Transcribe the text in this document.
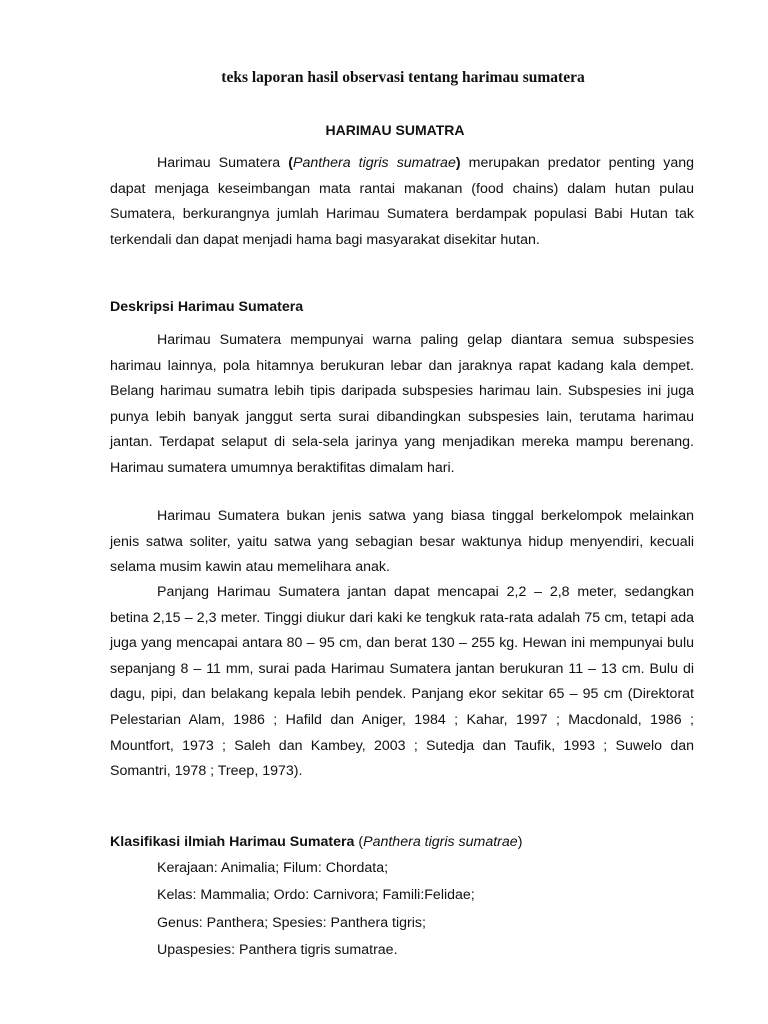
teks laporan hasil observasi tentang harimau sumatera
HARIMAU SUMATRA

Harimau Sumatera (Panthera tigris sumatrae) merupakan predator penting yang dapat menjaga keseimbangan mata rantai makanan (food chains) dalam hutan pulau Sumatera, berkurangnya jumlah Harimau Sumatera berdampak populasi Babi Hutan tak terkendali dan dapat menjadi hama bagi masyarakat disekitar hutan.

Deskripsi Harimau Sumatera

Harimau Sumatera mempunyai warna paling gelap diantara semua subspesies harimau lainnya, pola hitamnya berukuran lebar dan jaraknya rapat kadang kala dempet. Belang harimau sumatra lebih tipis daripada subspesies harimau lain. Subspesies ini juga punya lebih banyak janggut serta surai dibandingkan subspesies lain, terutama harimau jantan. Terdapat selaput di sela-sela jarinya yang menjadikan mereka mampu berenang. Harimau sumatera umumnya beraktifitas dimalam hari.

Harimau Sumatera bukan jenis satwa yang biasa tinggal berkelompok melainkan jenis satwa soliter, yaitu satwa yang sebagian besar waktunya hidup menyendiri, kecuali selama musim kawin atau memelihara anak.

Panjang Harimau Sumatera jantan dapat mencapai 2,2 – 2,8 meter, sedangkan betina 2,15 – 2,3 meter. Tinggi diukur dari kaki ke tengkuk rata-rata adalah 75 cm, tetapi ada juga yang mencapai antara 80 – 95 cm, dan berat 130 – 255 kg. Hewan ini mempunyai bulu sepanjang 8 – 11 mm, surai pada Harimau Sumatera jantan berukuran 11 – 13 cm. Bulu di dagu, pipi, dan belakang kepala lebih pendek. Panjang ekor sekitar 65 – 95 cm (Direktorat Pelestarian Alam, 1986 ; Hafild dan Aniger, 1984 ; Kahar, 1997 ; Macdonald, 1986 ; Mountfort, 1973 ; Saleh dan Kambey, 2003 ; Sutedja dan Taufik, 1993 ; Suwelo dan Somantri, 1978 ; Treep, 1973).

Klasifikasi ilmiah Harimau Sumatera (Panthera tigris sumatrae)

Kerajaan: Animalia; Filum: Chordata;
Kelas: Mammalia; Ordo: Carnivora; Famili:Felidae;
Genus: Panthera; Spesies: Panthera tigris;
Upaspesies: Panthera tigris sumatrae.
